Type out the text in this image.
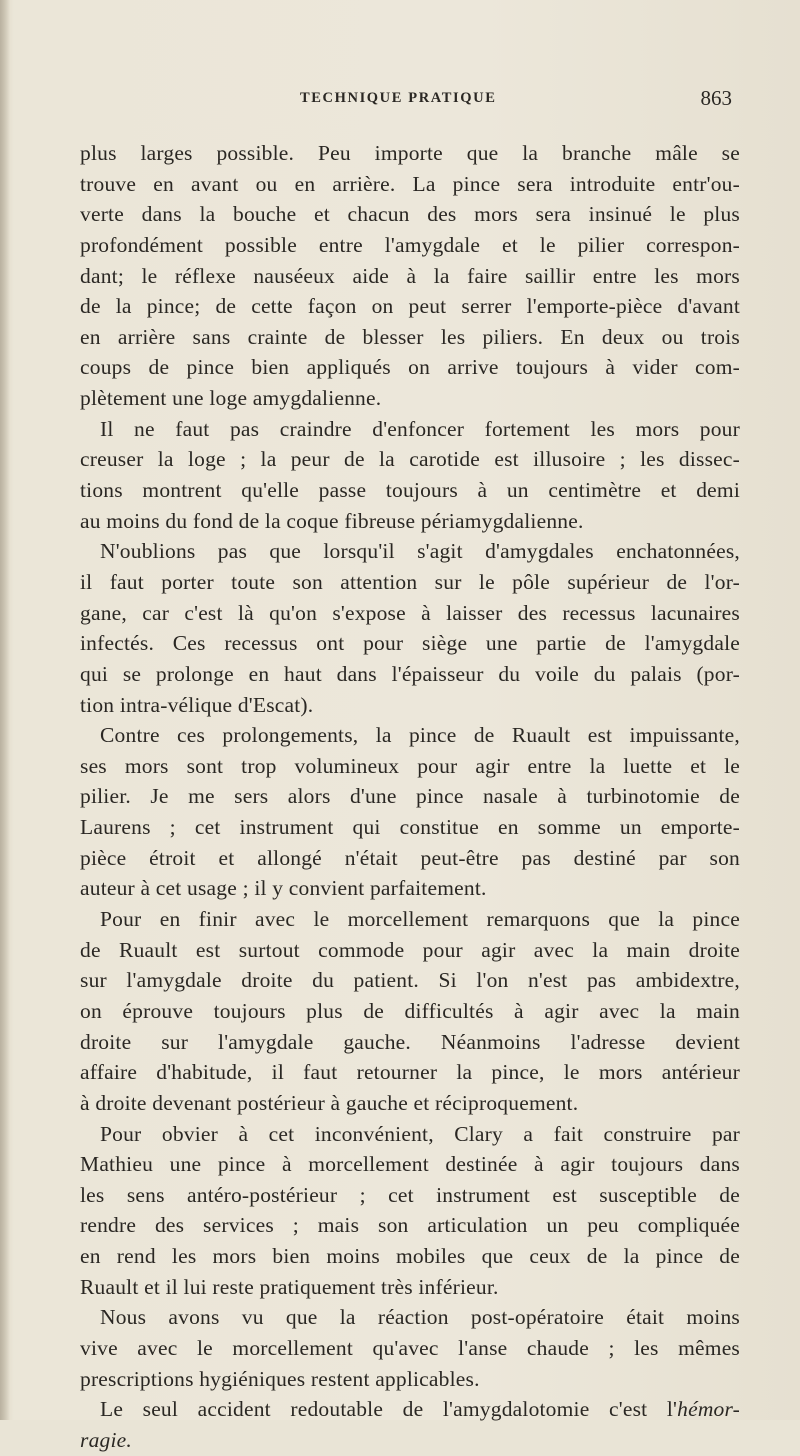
TECHNIQUE PRATIQUE	863
plus larges possible. Peu importe que la branche mâle se
trouve en avant ou en arrière. La pince sera introduite entr'ou-
verte dans la bouche et chacun des mors sera insinué le plus
profondément possible entre l'amygdale et le pilier correspon-
dant; le réflexe nauséeux aide à la faire saillir entre les mors
de la pince; de cette façon on peut serrer l'emporte-pièce d'avant
en arrière sans crainte de blesser les piliers. En deux ou trois
coups de pince bien appliqués on arrive toujours à vider com-
plètement une loge amygdalienne.
Il ne faut pas craindre d'enfoncer fortement les mors pour
creuser la loge ; la peur de la carotide est illusoire ; les dissec-
tions montrent qu'elle passe toujours à un centimètre et demi
au moins du fond de la coque fibreuse périamygdalienne.
N'oublions pas que lorsqu'il s'agit d'amygdales enchatonnées,
il faut porter toute son attention sur le pôle supérieur de l'or-
gane, car c'est là qu'on s'expose à laisser des recessus lacunaires
infectés. Ces recessus ont pour siège une partie de l'amygdale
qui se prolonge en haut dans l'épaisseur du voile du palais (por-
tion intra-vélique d'Escat).
Contre ces prolongements, la pince de Ruault est impuissante,
ses mors sont trop volumineux pour agir entre la luette et le
pilier. Je me sers alors d'une pince nasale à turbinotomie de
Laurens ; cet instrument qui constitue en somme un emporte-
pièce étroit et allongé n'était peut-être pas destiné par son
auteur à cet usage ; il y convient parfaitement.
Pour en finir avec le morcellement remarquons que la pince
de Ruault est surtout commode pour agir avec la main droite
sur l'amygdale droite du patient. Si l'on n'est pas ambidextre,
on éprouve toujours plus de difficultés à agir avec la main
droite sur l'amygdale gauche. Néanmoins l'adresse devient
affaire d'habitude, il faut retourner la pince, le mors antérieur
à droite devenant postérieur à gauche et réciproquement.
Pour obvier à cet inconvénient, Clary a fait construire par
Mathieu une pince à morcellement destinée à agir toujours dans
les sens antéro-postérieur ; cet instrument est susceptible de
rendre des services ; mais son articulation un peu compliquée
en rend les mors bien moins mobiles que ceux de la pince de
Ruault et il lui reste pratiquement très inférieur.
Nous avons vu que la réaction post-opératoire était moins
vive avec le morcellement qu'avec l'anse chaude ; les mêmes
prescriptions hygiéniques restent applicables.
Le seul accident redoutable de l'amygdalotomie c'est l'hémor-
ragie.
